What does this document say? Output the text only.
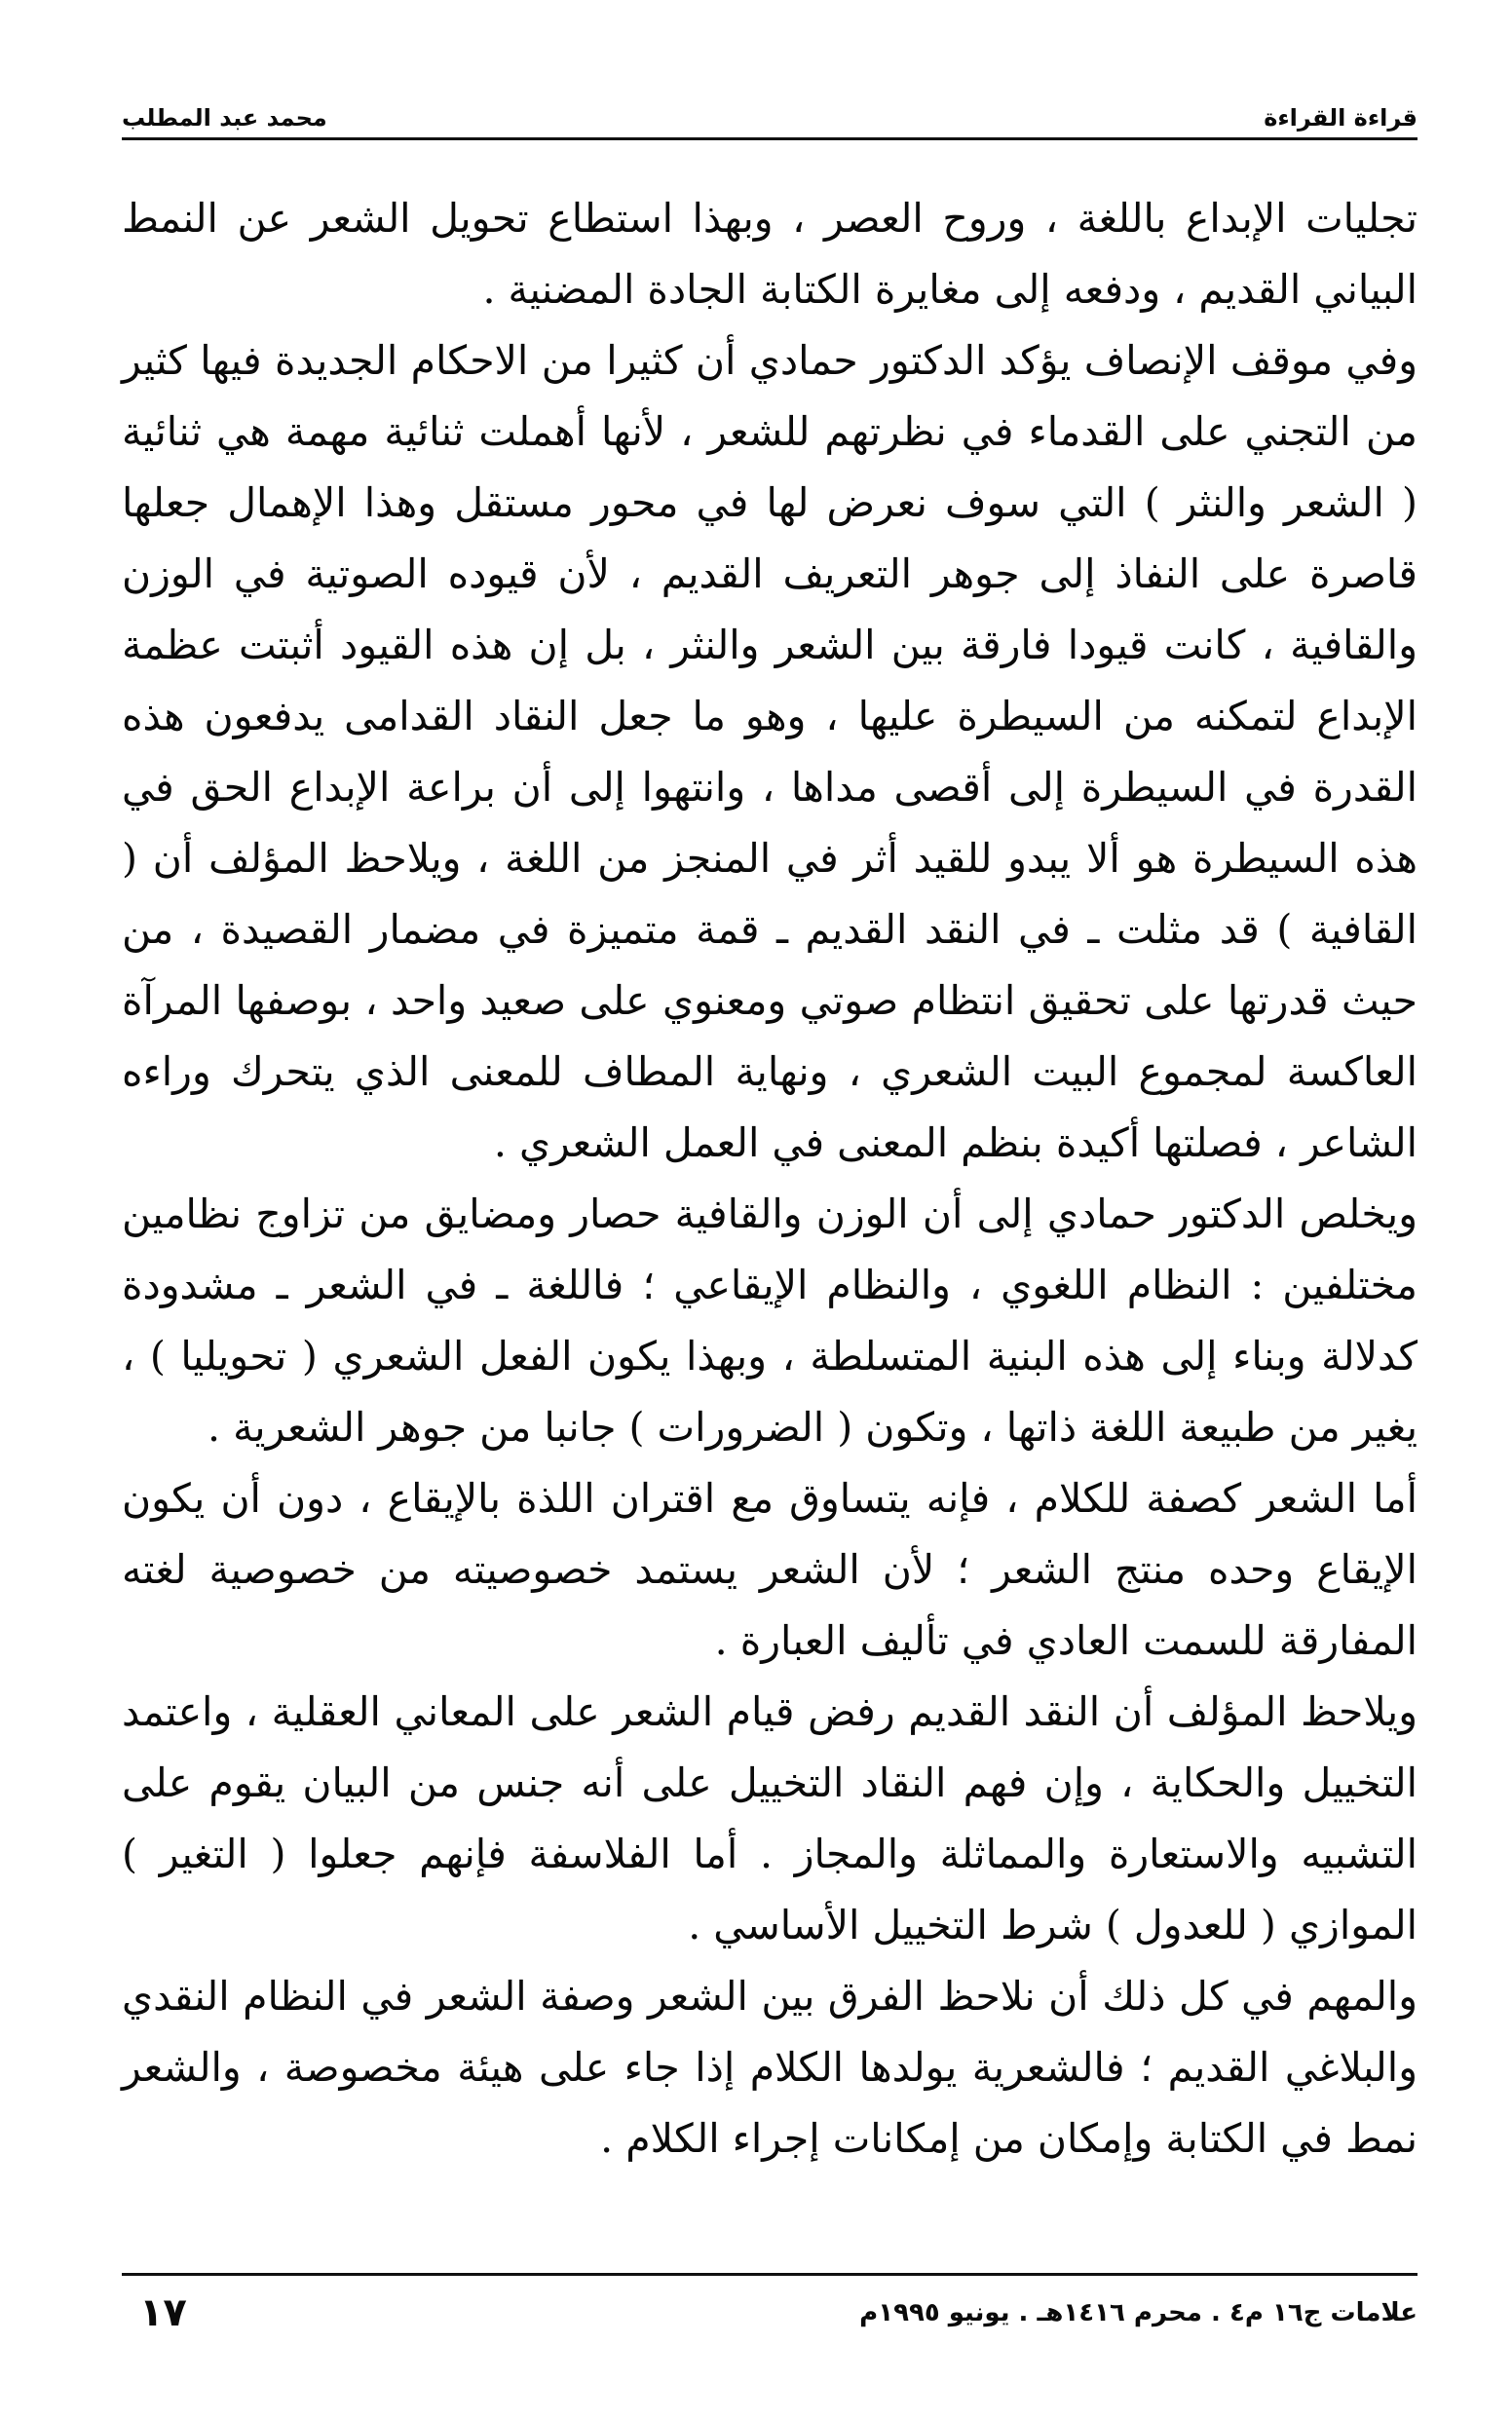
قراءة القراءة
محمد عبد المطلب

تجليات الإبداع باللغة ، وروح العصر ، وبهذا استطاع تحويل الشعر عن النمط البياني القديم ، ودفعه إلى مغايرة الكتابة الجادة المضنية .

وفي موقف الإنصاف يؤكد الدكتور حمادي أن كثيرا من الاحكام الجديدة فيها كثير من التجني على القدماء في نظرتهم للشعر ، لأنها أهملت ثنائية مهمة هي ثنائية ( الشعر والنثر ) التي سوف نعرض لها في محور مستقل وهذا الإهمال جعلها قاصرة على النفاذ إلى جوهر التعريف القديم ، لأن قيوده الصوتية في الوزن والقافية ، كانت قيودا فارقة بين الشعر والنثر ، بل إن هذه القيود أثبتت عظمة الإبداع لتمكنه من السيطرة عليها ، وهو ما جعل النقاد القدامى يدفعون هذه القدرة في السيطرة إلى أقصى مداها ، وانتهوا إلى أن براعة الإبداع الحق في هذه السيطرة هو ألا يبدو للقيد أثر في المنجز من اللغة ، ويلاحظ المؤلف أن ( القافية ) قد مثلت ـ في النقد القديم ـ قمة متميزة في مضمار القصيدة ، من حيث قدرتها على تحقيق انتظام صوتي ومعنوي على صعيد واحد ، بوصفها المرآة العاكسة لمجموع البيت الشعري ، ونهاية المطاف للمعنى الذي يتحرك وراءه الشاعر ، فصلتها أكيدة بنظم المعنى في العمل الشعري .

ويخلص الدكتور حمادي إلى أن الوزن والقافية حصار ومضايق من تزاوج نظامين مختلفين : النظام اللغوي ، والنظام الإيقاعي ؛ فاللغة ـ في الشعر ـ مشدودة كدلالة وبناء إلى هذه البنية المتسلطة ، وبهذا يكون الفعل الشعري ( تحويليا ) ، يغير من طبيعة اللغة ذاتها ، وتكون ( الضرورات ) جانبا من جوهر الشعرية .

أما الشعر كصفة للكلام ، فإنه يتساوق مع اقتران اللذة بالإيقاع ، دون أن يكون الإيقاع وحده منتج الشعر ؛ لأن الشعر يستمد خصوصيته من خصوصية لغته المفارقة للسمت العادي في تأليف العبارة .

ويلاحظ المؤلف أن النقد القديم رفض قيام الشعر على المعاني العقلية ، واعتمد التخييل والحكاية ، وإن فهم النقاد التخييل على أنه جنس من البيان يقوم على التشبيه والاستعارة والمماثلة والمجاز . أما الفلاسفة فإنهم جعلوا ( التغير ) الموازي ( للعدول ) شرط التخييل الأساسي .

والمهم في كل ذلك أن نلاحظ الفرق بين الشعر وصفة الشعر في النظام النقدي والبلاغي القديم ؛ فالشعرية يولدها الكلام إذا جاء على هيئة مخصوصة ، والشعر نمط في الكتابة وإمكان من إمكانات إجراء الكلام .

علامات ج١٦ م٤ . محرم ١٤١٦هـ . يونيو ١٩٩٥م
١٧
